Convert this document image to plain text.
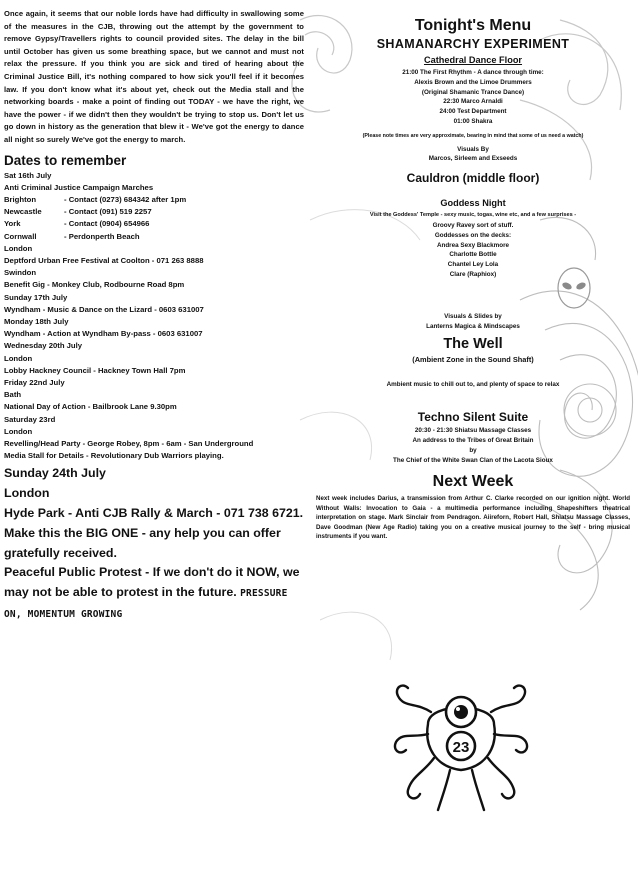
Once again, it seems that our noble lords have had difficulty in swallowing some of the measures in the CJB, throwing out the attempt by the government to remove Gypsy/Travellers rights to council provided sites. The delay in the bill until October has given us some breathing space, but we cannot and must not relax the pressure. If you think you are sick and tired of hearing about the Criminal Justice Bill, it's nothing compared to how sick you'll feel if it becomes law. If you don't know what it's about yet, check out the Media stall and the networking boards - make a point of finding out TODAY - we have the right, we have the power - if we didn't then they wouldn't be trying to stop us. Don't let us go down in history as the generation that blew it - We've got the energy to dance all night so surely We've got the energy to march.

Dates to remember
Sat 16th July
Anti Criminal Justice Campaign Marches
Brighton	- Contact (0273) 684342 after 1pm
Newcastle	- Contact (091) 519 2257
York	- Contact (0904) 654966
Cornwall	- Perdonperth Beach
London
Deptford Urban Free Festival at Coolton - 071 263 8888
Swindon
Benefit Gig - Monkey Club, Rodbourne Road 8pm
Sunday 17th July
Wyndham - Music & Dance on the Lizard - 0603 631007
Monday 18th July
Wyndham - Action at Wyndham By-pass - 0603 631007
Wednesday 20th July
London
Lobby Hackney Council - Hackney Town Hall 7pm
Friday 22nd July
Bath
National Day of Action - Bailbrook Lane 9.30pm
Saturday 23rd
London
Revelling/Head Party - George Robey, 8pm - 6am - San Underground
Media Stall for Details - Revolutionary Dub Warriors playing.

Sunday 24th July

London

Hyde Park - Anti CJB Rally & March - 071 738 6721. Make this the BIG ONE - any help you can offer gratefully received.

Peaceful Public Protest - If we don't do it NOW, we may not be able to protest in the future. PRESSURE ON, MOMENTUM GROWING

Tonight's Menu
SHAMANARCHY EXPERIMENT
Cathedral Dance Floor
21:00 The First Rhythm - A dance through time:
Alexis Brown and the Limoe Drummers
(Original Shamanic Trance Dance)
22:30 Marco Arnaldi
24:00 Test Department
01:00 Shakra
(Please note times are very approximate, bearing in mind that some of us need a watch)
Visuals By
Marcos, Sirleem and Exseeds
Cauldron (middle floor)
Goddess Night
Visit the Goddess' Temple - sexy music, togas, wine etc, and a few surprises -
Groovy Ravey sort of stuff.
Goddesses on the decks:
Andrea Sexy Blackmore
Charlotte Bottle
Chantel Ley Lola
Clare (Raphiox)
Visuals & Slides by
Lanterns Magica & Mindscapes
The Well
(Ambient Zone in the Sound Shaft)
Ambient music to chill out to, and plenty of space to relax
Techno Silent Suite
20:30 - 21:30 Shiatsu Massage Classes
An address to the Tribes of Great Britain
by
The Chief of the White Swan Clan of the Lacota Sioux
Next Week

Next week includes Darius, a transmission from Arthur C. Clarke recorded on our ignition night. World Without Walls: Invocation to Gaia - a multimedia performance including Shapeshifters theatrical interpretation on stage. Mark Sinclair from Pendragon. Aiireforn, Robert Hall, Shiatsu Massage Classes, Dave Goodman (New Age Radio) taking you on a creative musical journey to the self - bring musical instruments if you want.

23
